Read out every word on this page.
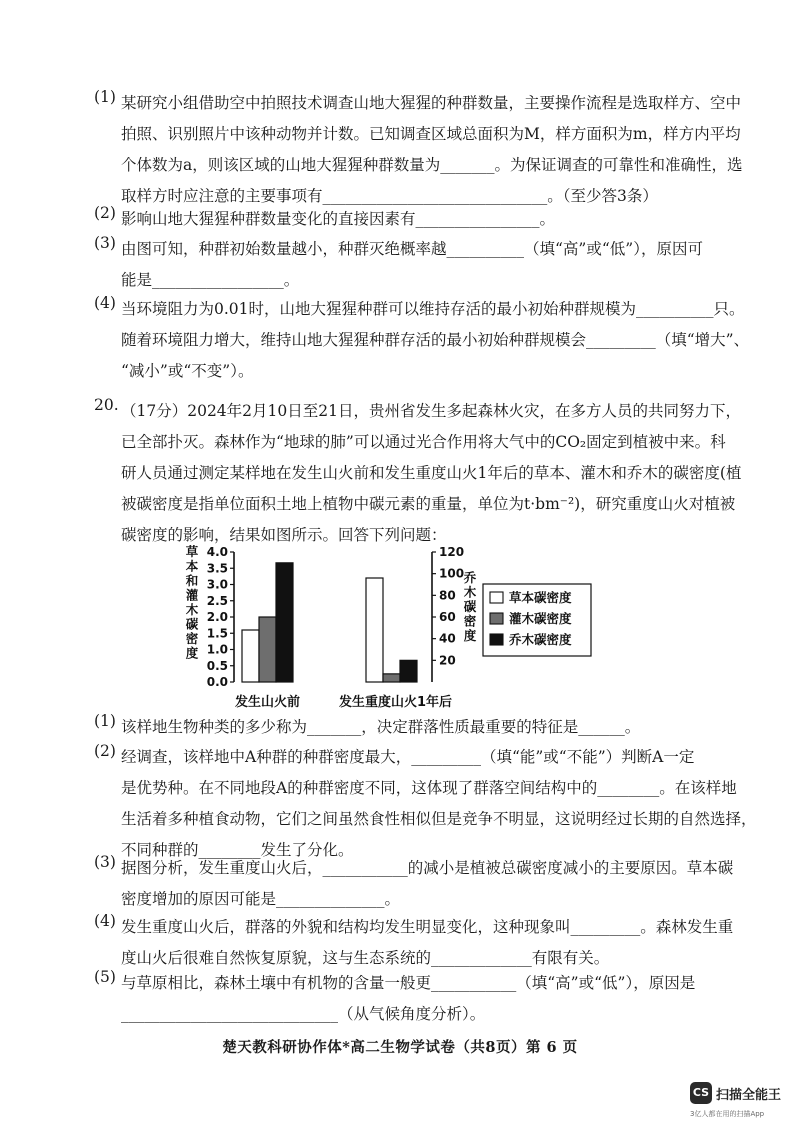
(1) 某研究小组借助空中拍照技术调查山地大猩猩的种群数量，主要操作流程是选取样方、空中
拍照、识别照片中该种动物并计数。已知调查区域总面积为M，样方面积为m，样方内平均
个体数为a，则该区域的山地大猩猩种群数量为_______。为保证调查的可靠性和准确性，选
取样方时应注意的主要事项有_____________________________。（至少答3条）
(2) 影响山地大猩猩种群数量变化的直接因素有________________。
(3) 由图可知，种群初始数量越小，种群灭绝概率越__________（填“高”或“低”），原因可
能是_________________。
(4) 当环境阻力为0.01时，山地大猩猩种群可以维持存活的最小初始种群规模为__________只。
随着环境阻力增大，维持山地大猩猩种群存活的最小初始种群规模会_________（填“增大”、
“减小”或“不变”）。
20. （17分）2024年2月10日至21日，贵州省发生多起森林火灾，在多方人员的共同努力下，
已全部扑灭。森林作为“地球的肺”可以通过光合作用将大气中的CO₂固定到植被中来。科
研人员通过测定某样地在发生山火前和发生重度山火1年后的草本、灌木和乔木的碳密度(植
被碳密度是指单位面积土地上植物中碳元素的重量，单位为t·bm⁻²)，研究重度山火对植被
碳密度的影响，结果如图所示。回答下列问题：
0.0
0.5
1.0
1.5
2.0
2.5
3.0
3.5
4.0
20
40
60
80
100
120
草本和灌木碳密度
乔木碳密度
发生山火前	发生重度山火1年后
草本碳密度
灌木碳密度
乔木碳密度
(1) 该样地生物种类的多少称为_______，决定群落性质最重要的特征是______。
(2) 经调查，该样地中A种群的种群密度最大，_________（填“能”或“不能”）判断A一定
是优势种。在不同地段A的种群密度不同，这体现了群落空间结构中的________。在该样地
生活着多种植食动物，它们之间虽然食性相似但是竞争不明显，这说明经过长期的自然选择，
不同种群的________发生了分化。
(3) 据图分析，发生重度山火后，___________的减小是植被总碳密度减小的主要原因。草本碳
密度增加的原因可能是______________。
(4) 发生重度山火后，群落的外貌和结构均发生明显变化，这种现象叫_________。森林发生重
度山火后很难自然恢复原貌，这与生态系统的_____________有限有关。
(5) 与草原相比，森林土壤中有机物的含量一般更___________（填“高”或“低”），原因是
____________________________（从气候角度分析）。
楚天教科研协作体*高二生物学试卷（共8页）第 6 页
CS 扫描全能王
3亿人都在用的扫描App
